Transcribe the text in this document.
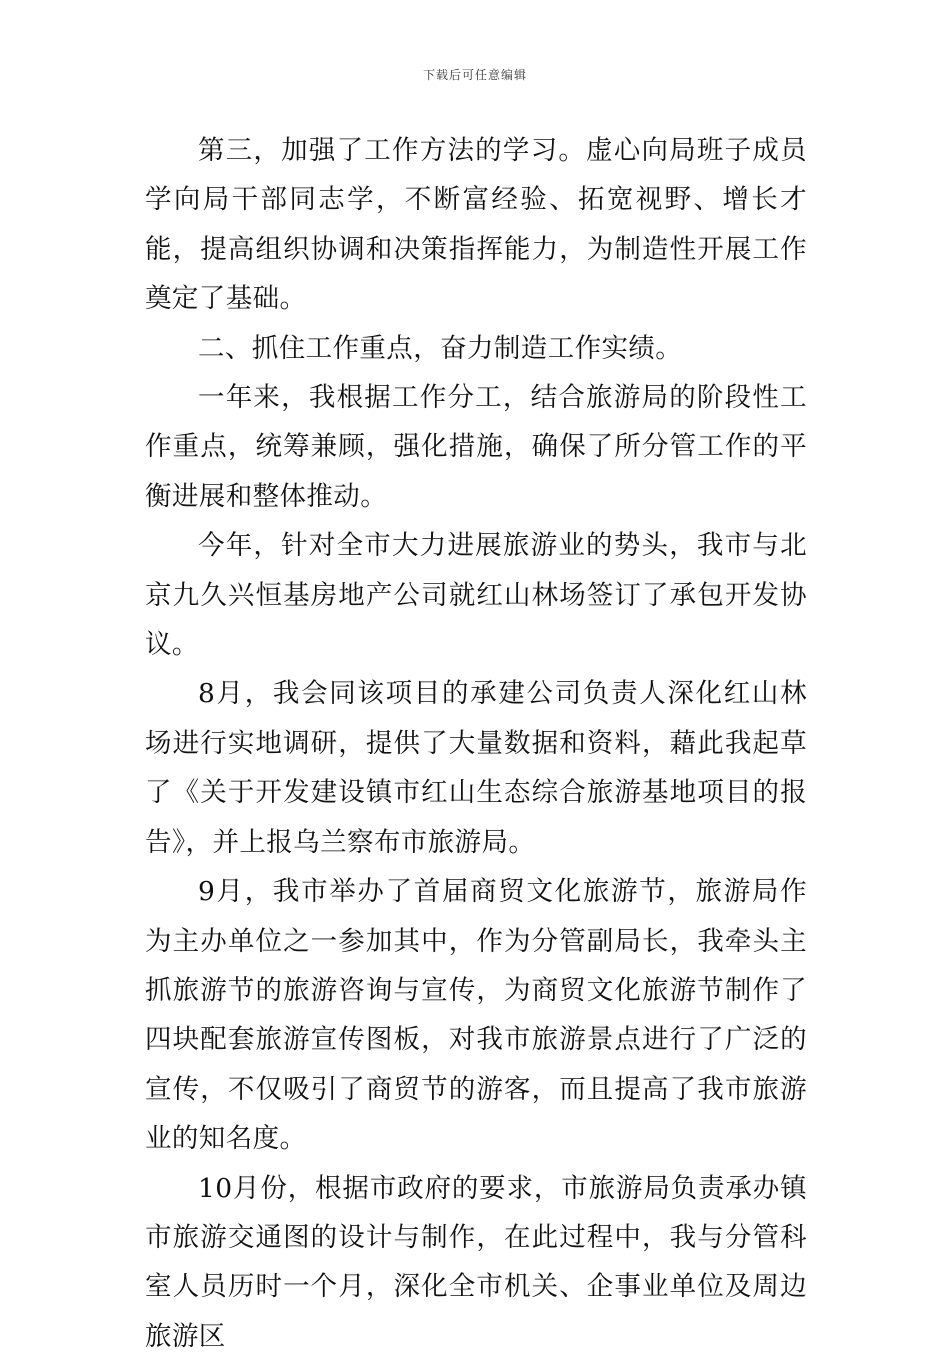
下载后可任意编辑

第三，加强了工作方法的学习。虚心向局班子成员学向局干部同志学，不断富经验、拓宽视野、增长才能，提高组织协调和决策指挥能力，为制造性开展工作奠定了基础。

二、抓住工作重点，奋力制造工作实绩。

一年来，我根据工作分工，结合旅游局的阶段性工作重点，统筹兼顾，强化措施，确保了所分管工作的平衡进展和整体推动。

今年，针对全市大力进展旅游业的势头，我市与北京九久兴恒基房地产公司就红山林场签订了承包开发协议。

8月，我会同该项目的承建公司负责人深化红山林场进行实地调研，提供了大量数据和资料，藉此我起草了《关于开发建设镇市红山生态综合旅游基地项目的报告》，并上报乌兰察布市旅游局。

9月，我市举办了首届商贸文化旅游节，旅游局作为主办单位之一参加其中，作为分管副局长，我牵头主抓旅游节的旅游咨询与宣传，为商贸文化旅游节制作了四块配套旅游宣传图板，对我市旅游景点进行了广泛的宣传，不仅吸引了商贸节的游客，而且提高了我市旅游业的知名度。

10月份，根据市政府的要求，市旅游局负责承办镇市旅游交通图的设计与制作，在此过程中，我与分管科室人员历时一个月，深化全市机关、企事业单位及周边旅游区
